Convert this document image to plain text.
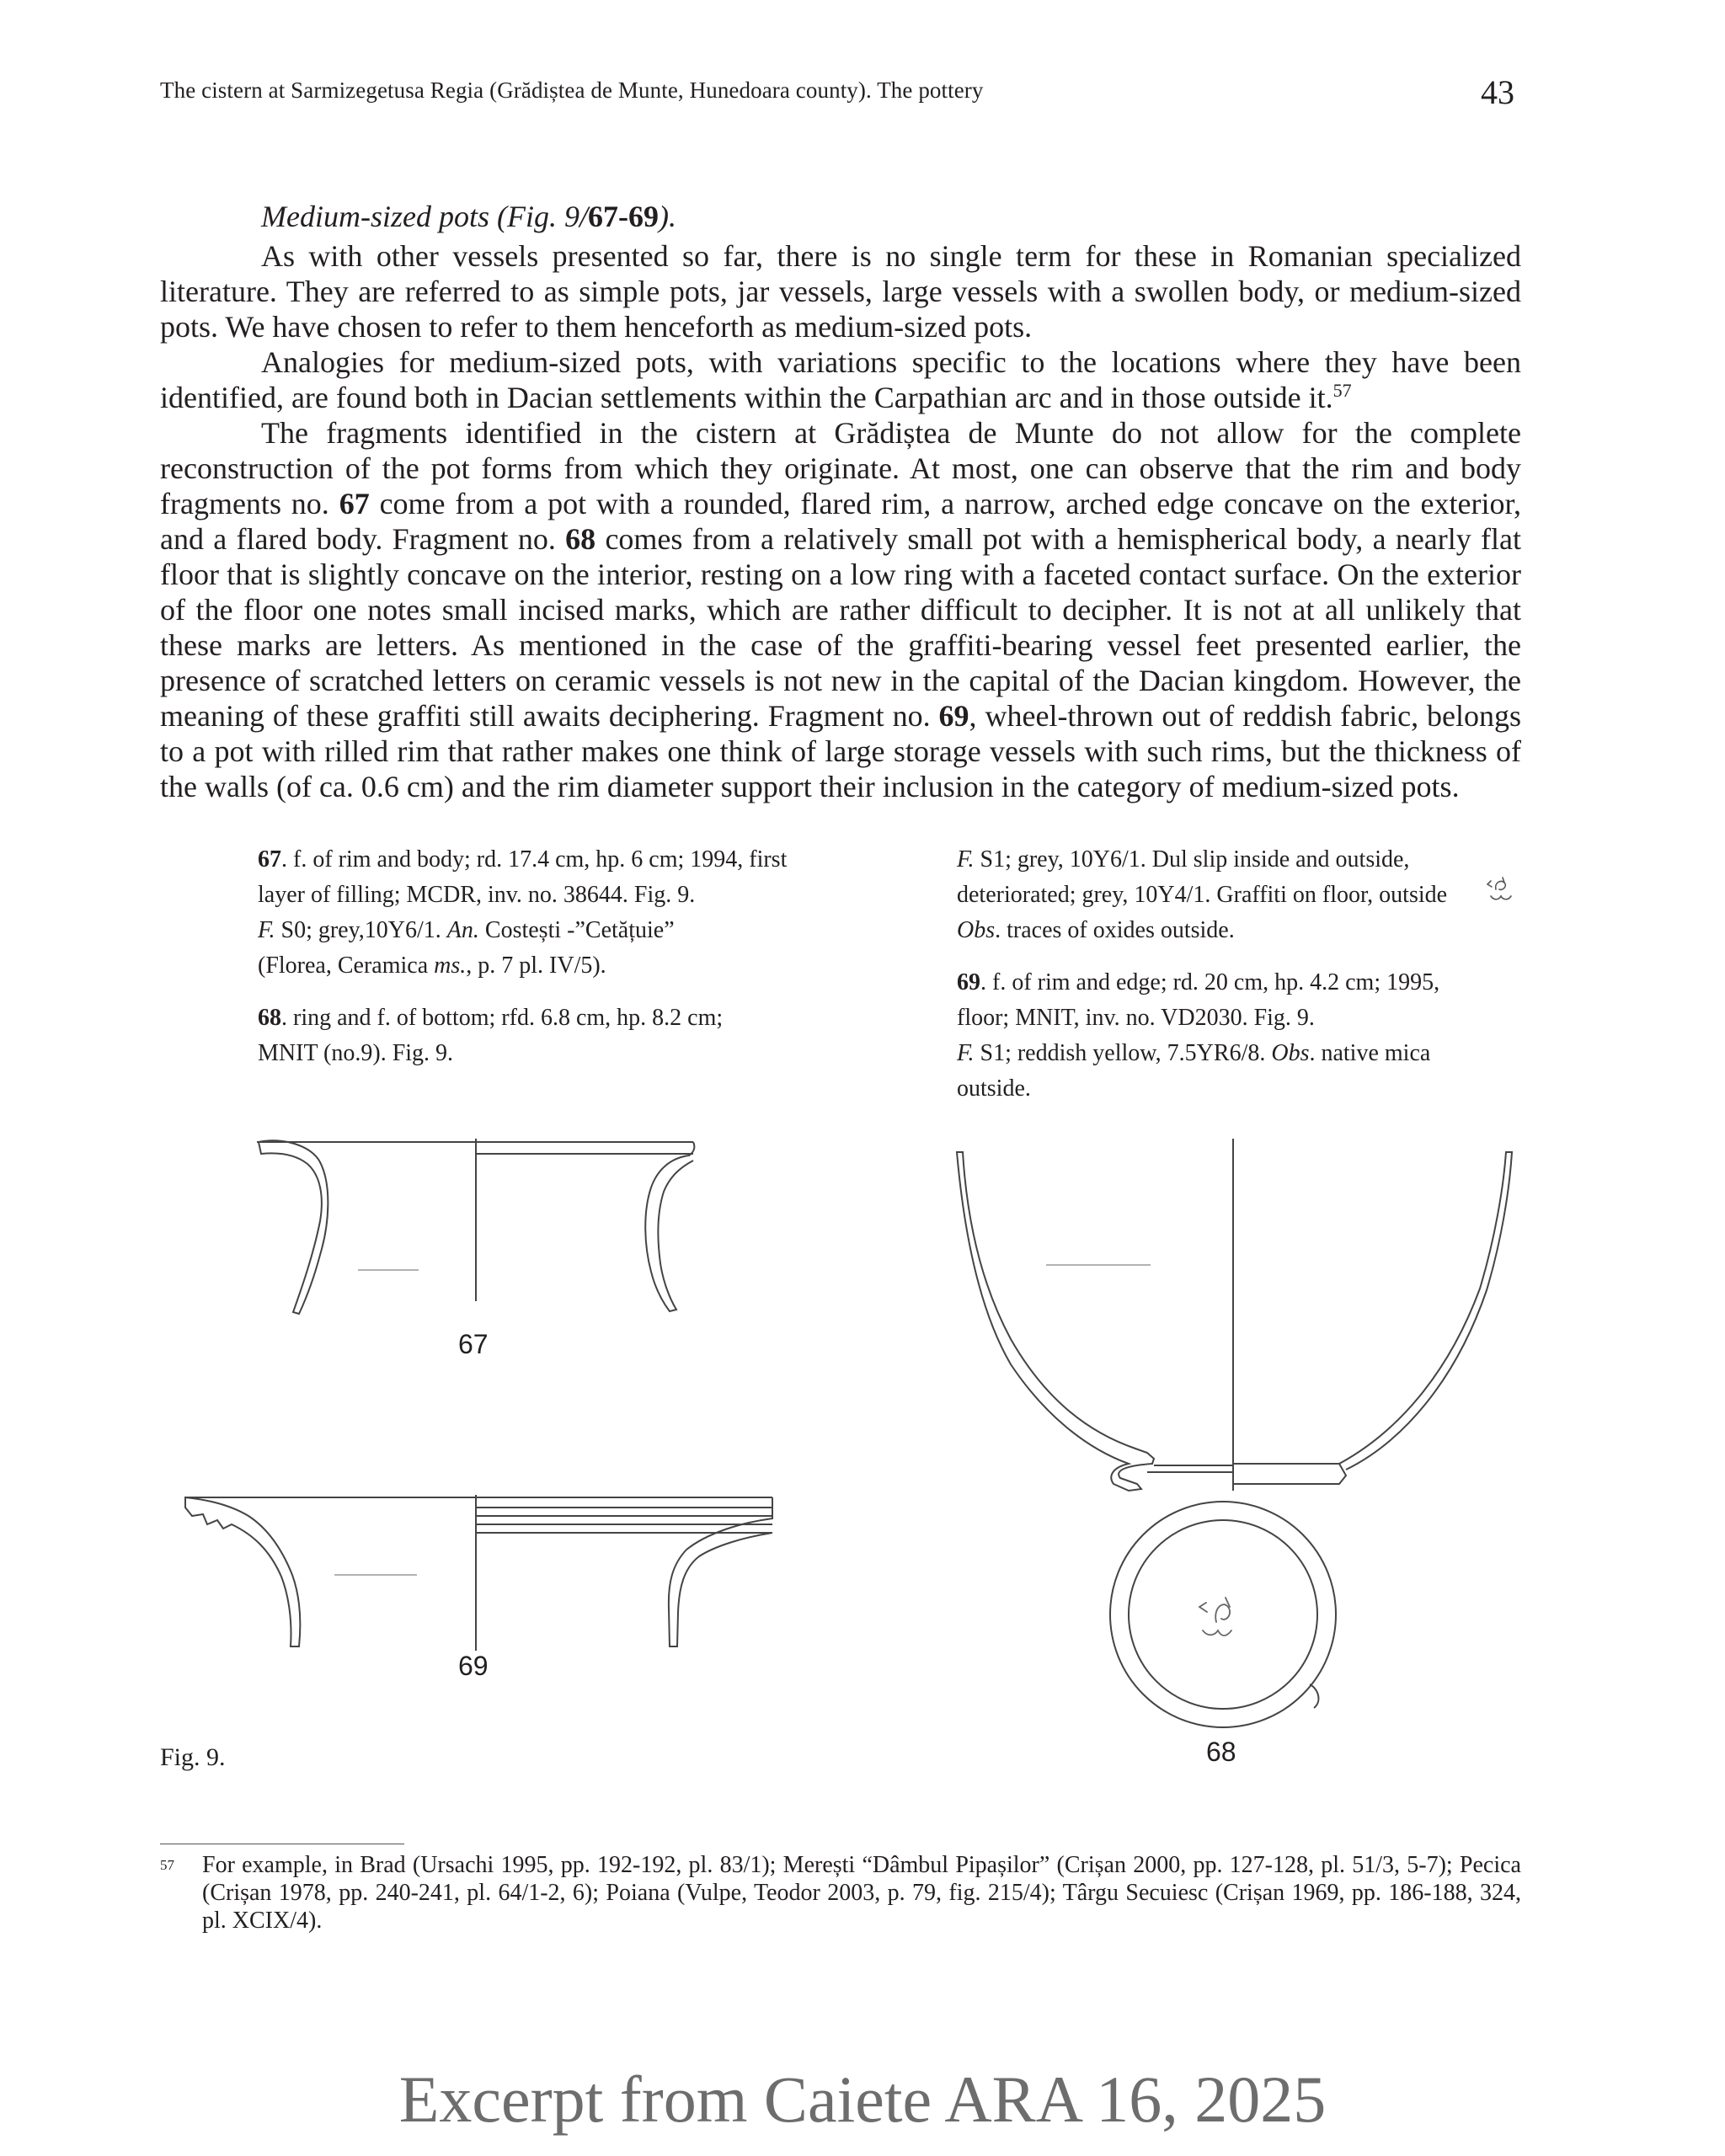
The cistern at Sarmizegetusa Regia (Grădiștea de Munte, Hunedoara county). The pottery	43
Medium-sized pots (Fig. 9/67-69).

As with other vessels presented so far, there is no single term for these in Romanian specialized literature. They are referred to as simple pots, jar vessels, large vessels with a swollen body, or medium-sized pots. We have chosen to refer to them henceforth as medium-sized pots.

Analogies for medium-sized pots, with variations specific to the locations where they have been identified, are found both in Dacian settlements within the Carpathian arc and in those outside it.$^{57}$

The fragments identified in the cistern at Grădiștea de Munte do not allow for the complete reconstruction of the pot forms from which they originate. At most, one can observe that the rim and body fragments no. 67 come from a pot with a rounded, flared rim, a narrow, arched edge concave on the exterior, and a flared body. Fragment no. 68 comes from a relatively small pot with a hemispherical body, a nearly flat floor that is slightly concave on the interior, resting on a low ring with a faceted contact surface. On the exterior of the floor one notes small incised marks, which are rather difficult to decipher. It is not at all unlikely that these marks are letters. As mentioned in the case of the graffiti-bearing vessel feet presented earlier, the presence of scratched letters on ceramic vessels is not new in the capital of the Dacian kingdom. However, the meaning of these graffiti still awaits deciphering. Fragment no. 69, wheel-thrown out of reddish fabric, belongs to a pot with rilled rim that rather makes one think of large storage vessels with such rims, but the thickness of the walls (of ca. 0.6 cm) and the rim diameter support their inclusion in the category of medium-sized pots.

67. f. of rim and body; rd. 17.4 cm, hp. 6 cm; 1994, first

layer of filling; MCDR, inv. no. 38644. Fig. 9.

F. S0; grey,10Y6/1. An. Costești -”Cetățuie”

(Florea, Ceramica ms., p. 7 pl. IV/5).

68. ring and f. of bottom; rfd. 6.8 cm, hp. 8.2 cm;

MNIT (no.9). Fig. 9.

F. S1; grey, 10Y6/1. Dul slip inside and outside,

deteriorated; grey, 10Y4/1. Graffiti on floor, outside

Obs. traces of oxides outside.

69. f. of rim and edge; rd. 20 cm, hp. 4.2 cm; 1995,

floor; MNIT, inv. no. VD2030. Fig. 9.

F. S1; reddish yellow, 7.5YR6/8. Obs. native mica

outside.

67
69
68
Fig. 9.
57 For example, in Brad (Ursachi 1995, pp. 192-192, pl. 83/1); Merești “Dâmbul Pipașilor” (Crișan 2000, pp. 127-128, pl. 51/3, 5-7); Pecica (Crișan 1978, pp. 240-241, pl. 64/1-2, 6); Poiana (Vulpe, Teodor 2003, p. 79, fig. 215/4); Târgu Secuiesc (Crișan 1969, pp. 186-188, 324, pl. XCIX/4).
Excerpt from Caiete ARA 16, 2025
